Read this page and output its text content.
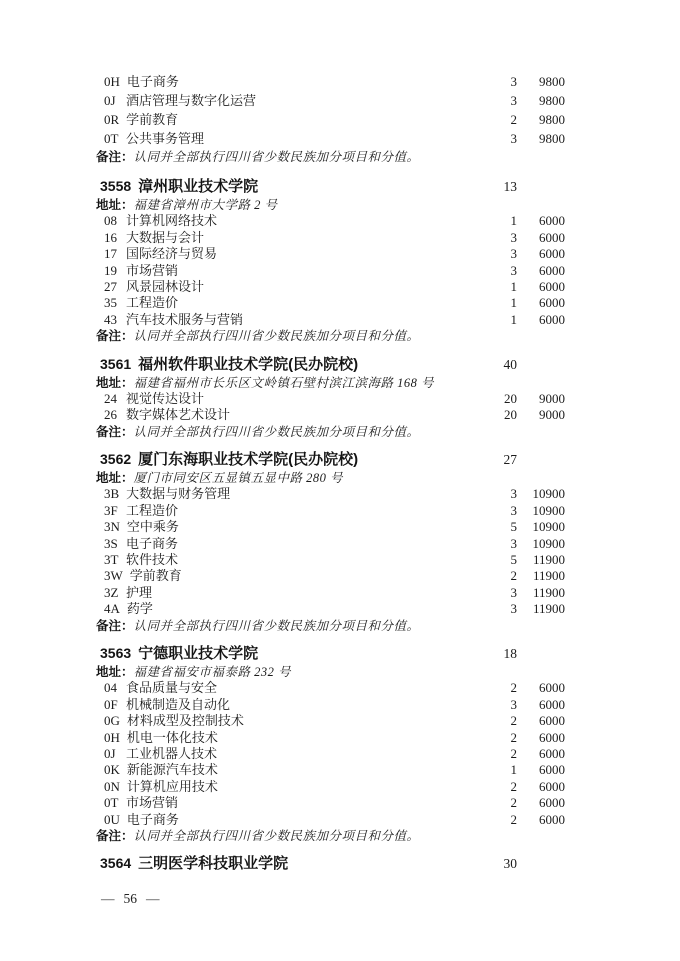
0H 电子商务	3	9800
0J 酒店管理与数字化运营	3	9800
0R 学前教育	2	9800
0T 公共事务管理	3	9800
备注：认同并全部执行四川省少数民族加分项目和分值。
3558 漳州职业技术学院	13
地址：福建省漳州市大学路 2 号
08 计算机网络技术	1	6000
16 大数据与会计	3	6000
17 国际经济与贸易	3	6000
19 市场营销	3	6000
27 风景园林设计	1	6000
35 工程造价	1	6000
43 汽车技术服务与营销	1	6000
备注：认同并全部执行四川省少数民族加分项目和分值。
3561 福州软件职业技术学院(民办院校)	40
地址：福建省福州市长乐区文岭镇石壁村滨江滨海路 168 号
24 视觉传达设计	20	9000
26 数字媒体艺术设计	20	9000
备注：认同并全部执行四川省少数民族加分项目和分值。
3562 厦门东海职业技术学院(民办院校)	27
地址：厦门市同安区五显镇五显中路 280 号
3B 大数据与财务管理	3	10900
3F 工程造价	3	10900
3N 空中乘务	5	10900
3S 电子商务	3	10900
3T 软件技术	5	11900
3W 学前教育	2	11900
3Z 护理	3	11900
4A 药学	3	11900
备注：认同并全部执行四川省少数民族加分项目和分值。
3563 宁德职业技术学院	18
地址：福建省福安市福泰路 232 号
04 食品质量与安全	2	6000
0F 机械制造及自动化	3	6000
0G 材料成型及控制技术	2	6000
0H 机电一体化技术	2	6000
0J 工业机器人技术	2	6000
0K 新能源汽车技术	1	6000
0N 计算机应用技术	2	6000
0T 市场营销	2	6000
0U 电子商务	2	6000
备注：认同并全部执行四川省少数民族加分项目和分值。
3564 三明医学科技职业学院	30
— 56 —
